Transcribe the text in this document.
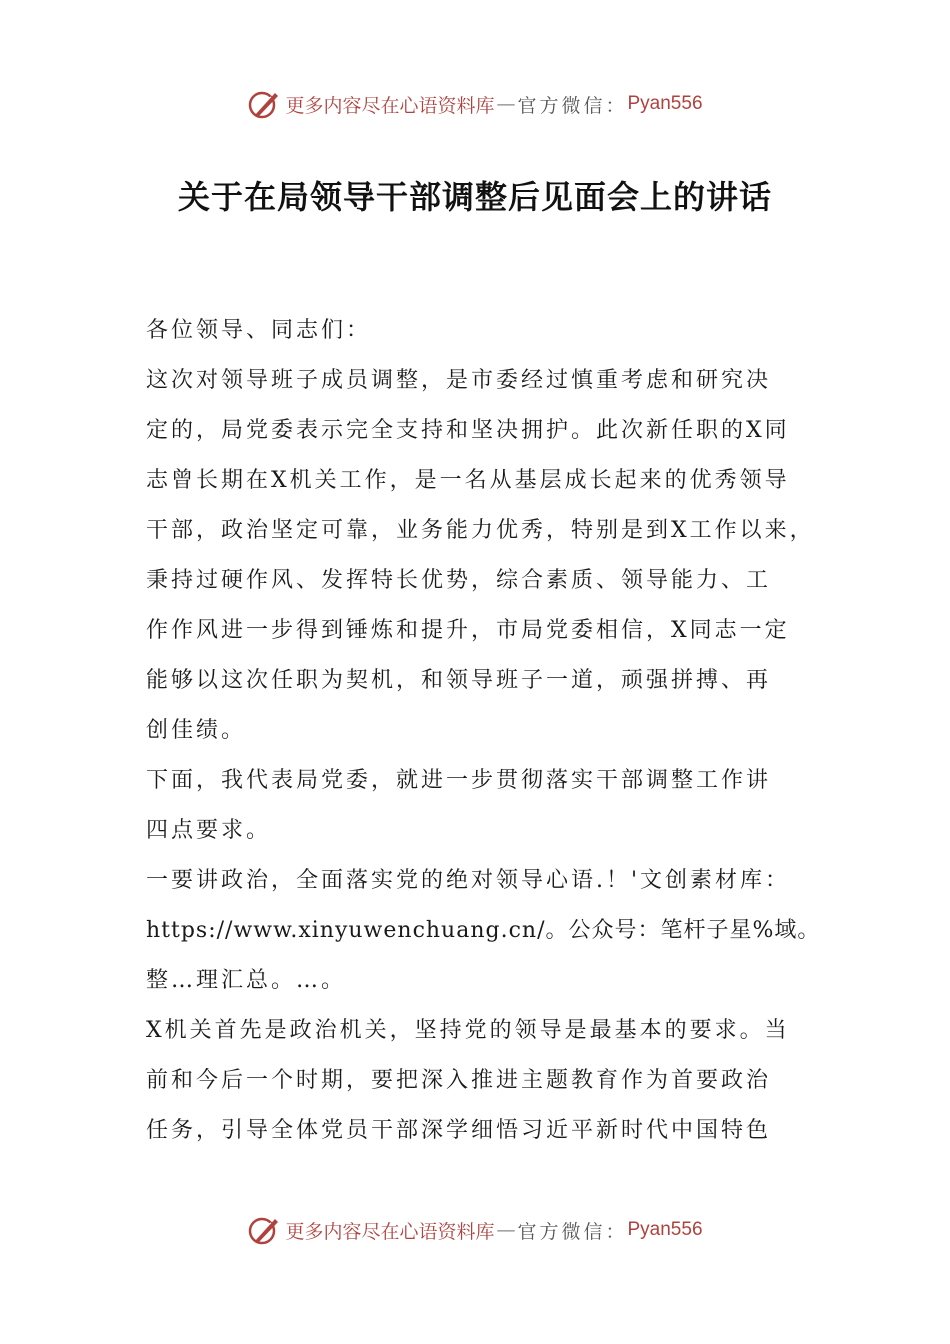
更多内容尽在心语资料库 — 官方微信： Pyan556
关于在局领导干部调整后见面会上的讲话
各位领导、同志们：
这次对领导班子成员调整，是市委经过慎重考虑和研究决
定的，局党委表示完全支持和坚决拥护。此次新任职的X同
志曾长期在X机关工作，是一名从基层成长起来的优秀领导
干部，政治坚定可靠，业务能力优秀，特别是到X工作以来，
秉持过硬作风、发挥特长优势，综合素质、领导能力、工
作作风进一步得到锤炼和提升，市局党委相信，X同志一定
能够以这次任职为契机，和领导班子一道，顽强拼搏、再
创佳绩。
下面，我代表局党委，就进一步贯彻落实干部调整工作讲
四点要求。
一要讲政治，全面落实党的绝对领导心语.！'文创素材库：
https://www.xinyuwenchuang.cn/。公众号：笔杆子星%域。
整…理汇总。…。
X机关首先是政治机关，坚持党的领导是最基本的要求。当
前和今后一个时期，要把深入推进主题教育作为首要政治
任务，引导全体党员干部深学细悟习近平新时代中国特色
更多内容尽在心语资料库 — 官方微信： Pyan556
